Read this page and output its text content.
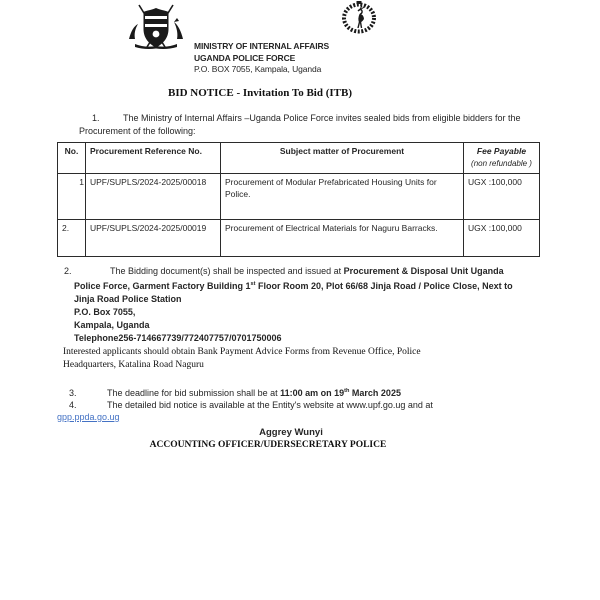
MINISTRY OF INTERNAL AFFAIRS
UGANDA POLICE FORCE
P.O. BOX 7055, Kampala, Uganda
BID NOTICE - Invitation To Bid (ITB)

1.	The Ministry of Internal Affairs –Uganda Police Force invites sealed bids from eligible bidders for the Procurement of the following:

No.	Procurement Reference No.	Subject matter of Procurement	Fee Payable
(non refundable )

1	UPF/SUPLS/2024-2025/00018	Procurement of Modular Prefabricated Housing Units for Police.	UGX :100,000
2.	UPF/SUPLS/2024-2025/00019	Procurement of Electrical Materials for Naguru Barracks.	UGX :100,000

2.	The Bidding document(s) shall be inspected and issued at Procurement & Disposal Unit Uganda Police Force, Garment Factory Building 1st Floor Room 20, Plot 66/68 Jinja Road / Police Close, Next to Jinja Road Police Station
P.O. Box 7055,
Kampala, Uganda
Telephone256-714667739/772407757/0701750006

Interested applicants should obtain Bank Payment Advice Forms from Revenue Office, Police Headquarters, Katalina Road Naguru

3.	The deadline for bid submission shall be at 11:00 am on 19th March 2025

4.	The detailed bid notice is available at the Entity's website at www.upf.go.ug and at

gpp.ppda.go.ug
Aggrey Wunyi
ACCOUNTING OFFICER/UDERSECRETARY POLICE
